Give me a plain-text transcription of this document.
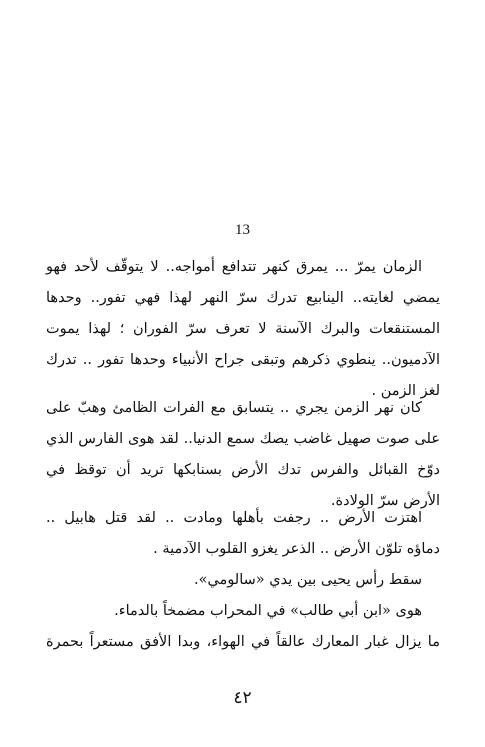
13
الزمان يمرّ ... يمرق كنهر تتدافع أمواجه.. لا يتوقّف لأحد فهو
يمضي لغايته.. الينابيع تدرك سرّ النهر لهذا فهي تفور.. وحدها
المستنقعات والبرك الآسنة لا تعرف سرّ الفوران ؛ لهذا يموت
الآدميون.. ينطوي ذكرهم وتبقى جراح الأنبياء وحدها تفور .. تدرك
لغز الزمن .
كان نهر الزمن يجري .. يتسابق مع الفرات الظامئ وهبّ على
على صوت صهيل غاضب يصك سمع الدنيا.. لقد هوى الفارس الذي
دوّخ القبائل والفرس تدك الأرض بسنابكها تريد أن توقظ في
الأرض سرّ الولادة.
اهتزت الأرض .. رجفت بأهلها ومادت .. لقد قتل هابيل ..
دماؤه تلوّن الأرض .. الذعر يغزو القلوب الآدمية .
سقط رأس يحيى بين يدي «سالومي».
هوى «ابن أبي طالب» في المحراب مضمخاً بالدماء.
ما يزال غبار المعارك عالقاً في الهواء، وبدا الأفق مستعراً بحمرة
٤٢
